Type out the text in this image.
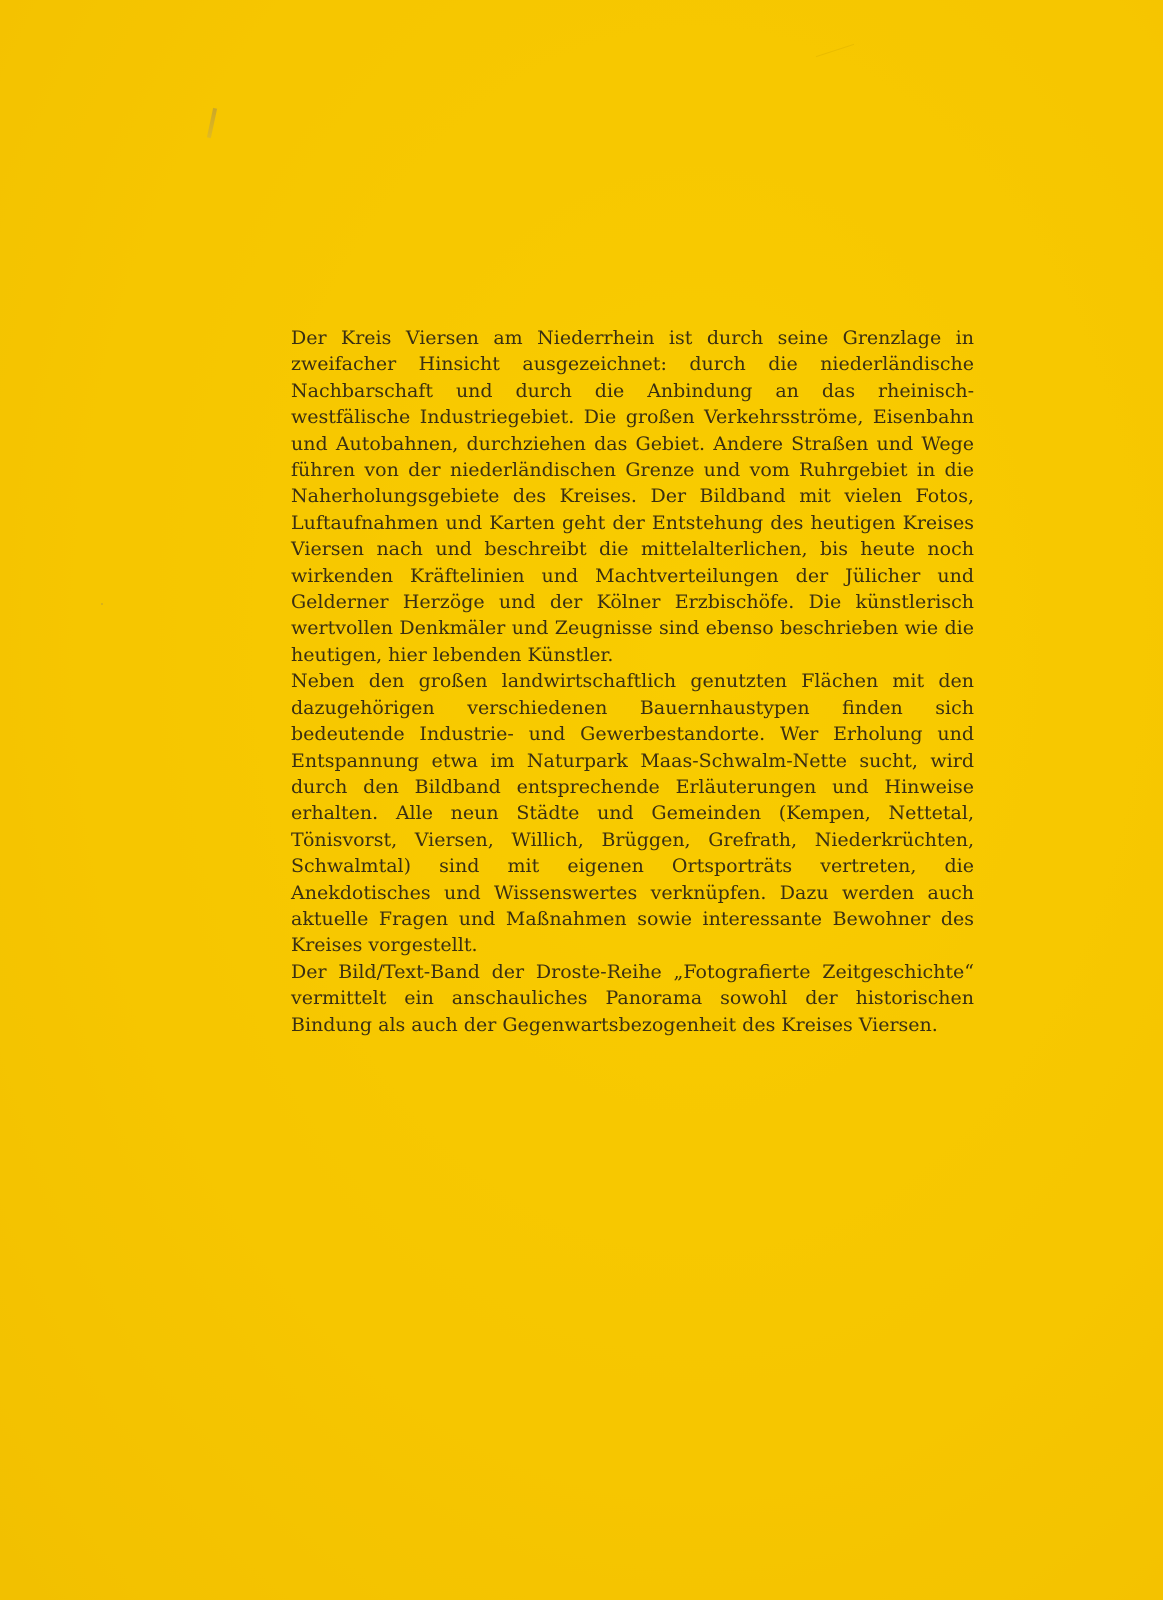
Der Kreis Viersen am Niederrhein ist durch seine Grenzlage in zweifacher Hinsicht ausgezeichnet: durch die niederländische Nachbarschaft und durch die Anbindung an das rheinisch-westfälische Industriegebiet. Die großen Verkehrsströme, Eisenbahn und Autobahnen, durchziehen das Gebiet. Andere Straßen und Wege führen von der niederländischen Grenze und vom Ruhrgebiet in die Naherholungsgebiete des Kreises. Der Bildband mit vielen Fotos, Luftaufnahmen und Karten geht der Entstehung des heutigen Kreises Viersen nach und beschreibt die mittelalterlichen, bis heute noch wirkenden Kräftelinien und Machtverteilungen der Jülicher und Gelderner Herzöge und der Kölner Erzbischöfe. Die künstlerisch wertvollen Denkmäler und Zeugnisse sind ebenso beschrieben wie die heutigen, hier lebenden Künstler.

Neben den großen landwirtschaftlich genutzten Flächen mit den dazugehörigen verschiedenen Bauernhaustypen finden sich bedeutende Industrie- und Gewerbestandorte. Wer Erholung und Entspannung etwa im Naturpark Maas-Schwalm-Nette sucht, wird durch den Bildband entsprechende Erläuterungen und Hinweise erhalten. Alle neun Städte und Gemeinden (Kempen, Nettetal, Tönisvorst, Viersen, Willich, Brüggen, Grefrath, Niederkrüchten, Schwalmtal) sind mit eigenen Ortsporträts vertreten, die Anekdotisches und Wissenswertes verknüpfen. Dazu werden auch aktuelle Fragen und Maßnahmen sowie interessante Bewohner des Kreises vorgestellt.

Der Bild/Text-Band der Droste-Reihe „Fotografierte Zeitgeschichte“ vermittelt ein anschauliches Panorama sowohl der historischen Bindung als auch der Gegenwartsbezogenheit des Kreises Viersen.
